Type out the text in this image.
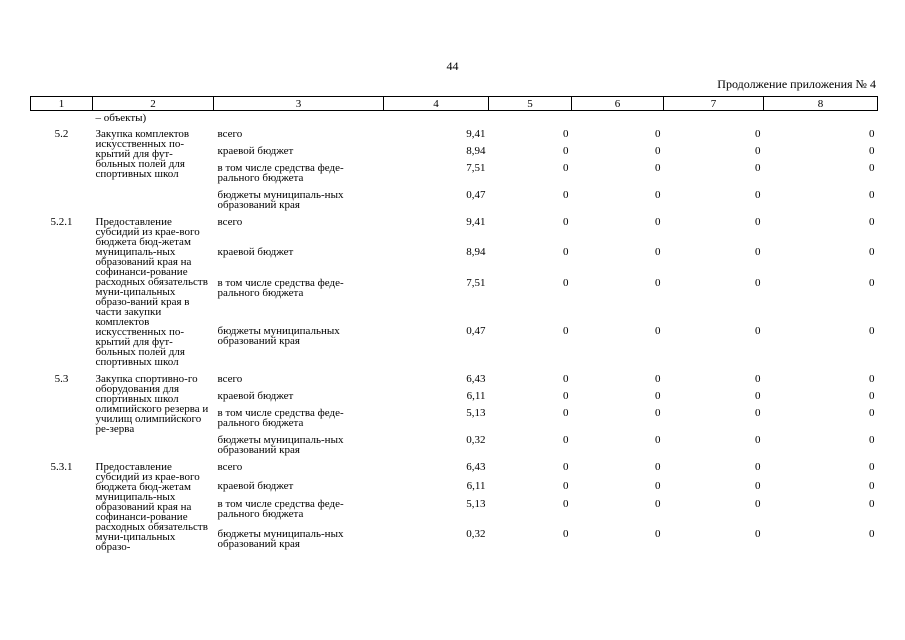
44
Продолжение приложения № 4
1	2	3	4	5	6	7	8
	– объекты)						
5.2	Закупка комплектов искусственных по-крытий для фут-больных полей для спортивных школ	всего	9,41	0	0	0	0
		краевой бюджет	8,94	0	0	0	0
		в том числе средства феде-рального бюджета	7,51	0	0	0	0
		бюджеты муниципаль-ных образований края	0,47	0	0	0	0
5.2.1	Предоставление субсидий из крае-вого бюджета бюд-жетам муниципаль-ных образований края на софинанси-рование расходных обязательств муни-ципальных образо-ваний края в части закупки комплектов искусственных по-крытий для фут-больных полей для спортивных школ	всего	9,41	0	0	0	0
		краевой бюджет	8,94	0	0	0	0
		в том числе средства феде-рального бюджета	7,51	0	0	0	0
		бюджеты муниципальных образований края	0,47	0	0	0	0
5.3	Закупка спортивно-го оборудования для спортивных школ олимпийского резерва и училищ олимпийского ре-зерва	всего	6,43	0	0	0	0
		краевой бюджет	6,11	0	0	0	0
		в том числе средства феде-рального бюджета	5,13	0	0	0	0
		бюджеты муниципаль-ных образований края	0,32	0	0	0	0
5.3.1	Предоставление субсидий из крае-вого бюджета бюд-жетам муниципаль-ных образований края на софинанси-рование расходных обязательств муни-ципальных образо-	всего	6,43	0	0	0	0
		краевой бюджет	6,11	0	0	0	0
		в том числе средства феде-рального бюджета	5,13	0	0	0	0
		бюджеты муниципаль-ных образований края	0,32	0	0	0	0
